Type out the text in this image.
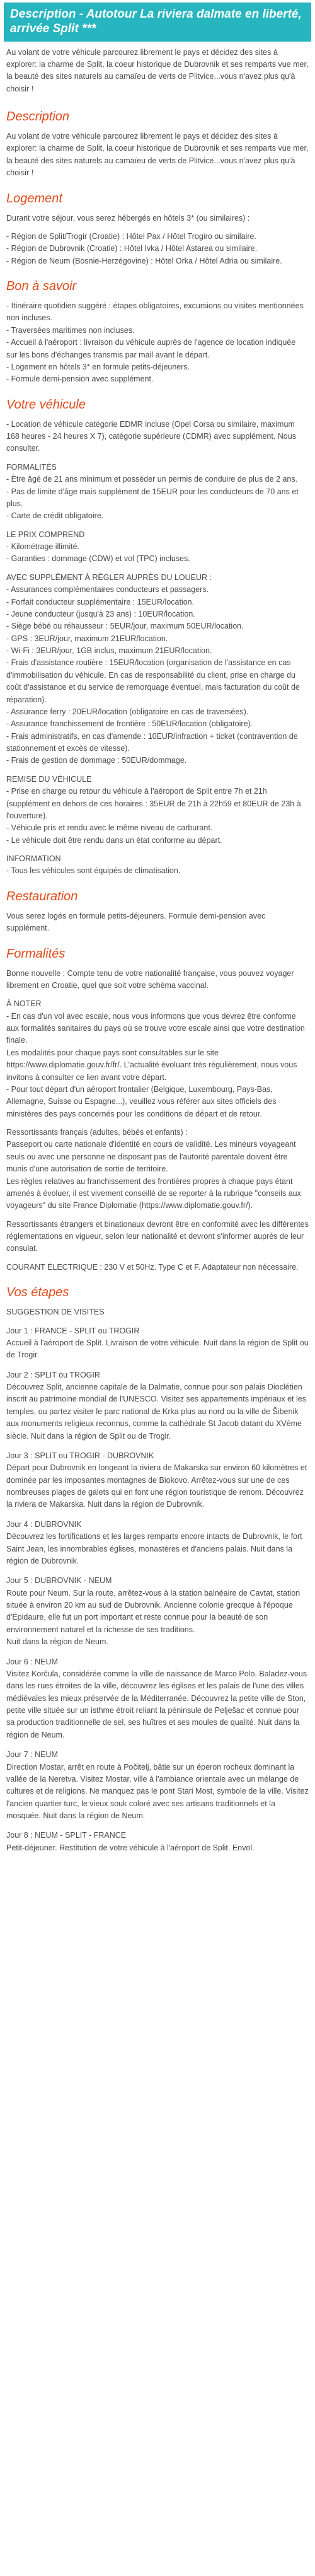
Description - Autotour La riviera dalmate en liberté, arrivée Split ***

Au volant de votre véhicule parcourez librement le pays et décidez des sites à explorer: la charme de Split, la coeur historique de Dubrovnik et ses remparts vue mer, la beauté des sites naturels au camaïeu de verts de Plitvice...vous n'avez plus qu'à choisir !

Description

Au volant de votre véhicule parcourez librement le pays et décidez des sites à explorer: la charme de Split, la coeur historique de Dubrovnik et ses remparts vue mer, la beauté des sites naturels au camaïeu de verts de Plitvice...vous n'avez plus qu'à choisir !

Logement

Durant votre séjour, vous serez hébergés en hôtels 3* (ou similaires) :

- Région de Split/Trogir (Croatie) : Hôtel Pax / Hôtel Trogiro ou similaire.
- Région de Dubrovnik (Croatie) : Hôtel Ivka / Hôtel Astarea ou similaire.
- Région de Neum (Bosnie-Herzégovine) : Hôtel Orka / Hôtel Adria ou similaire.

Bon à savoir

- Itinéraire quotidien suggéré : étapes obligatoires, excursions ou visites mentionnées non incluses.
- Traversées maritimes non incluses.
- Accueil à l'aéroport : livraison du véhicule auprès de l'agence de location indiquée sur les bons d'échanges transmis par mail avant le départ.
- Logement en hôtels 3* en formule petits-déjeuners.
- Formule demi-pension avec supplément.

Votre véhicule

- Location de véhicule catégorie EDMR incluse (Opel Corsa ou similaire, maximum 168 heures - 24 heures X 7), catégorie supérieure (CDMR) avec supplément. Nous consulter.

FORMALITÉS
- Être âgé de 21 ans minimum et posséder un permis de conduire de plus de 2 ans.
- Pas de limite d'âge mais supplément de 15EUR pour les conducteurs de 70 ans et plus.
- Carte de crédit obligatoire.

LE PRIX COMPREND
- Kilométrage illimité.
- Garanties : dommage (CDW) et vol (TPC) incluses.

AVEC SUPPLÉMENT À RÉGLER AUPRÈS DU LOUEUR :
- Assurances complémentaires conducteurs et passagers.
- Forfait conducteur supplémentaire : 15EUR/location.
- Jeune conducteur (jusqu'à 23 ans) : 10EUR/location.
- Siège bébé ou réhausseur : 5EUR/jour, maximum 50EUR/location.
- GPS : 3EUR/jour, maximum 21EUR/location.
- Wi-Fi : 3EUR/jour, 1GB inclus, maximum 21EUR/location.
- Frais d'assistance routière : 15EUR/location (organisation de l'assistance en cas d'immobilisation du véhicule. En cas de responsabilité du client, prise en charge du coût d'assistance et du service de remorquage éventuel, mais facturation du coût de réparation).
- Assurance ferry : 20EUR/location (obligatoire en cas de traversées).
- Assurance franchissement de frontière : 50EUR/location (obligatoire).
- Frais administratifs, en cas d'amende : 10EUR/infraction + ticket (contravention de stationnement et excès de vitesse).
- Frais de gestion de dommage : 50EUR/dommage.

REMISE DU VÉHICULE
- Prise en charge ou retour du véhicule à l'aéroport de Split entre 7h et 21h (supplément en dehors de ces horaires : 35EUR de 21h à 22h59 et 80EUR de 23h à l'ouverture).
- Véhicule pris et rendu avec le même niveau de carburant.
- Le véhicule doit être rendu dans un état conforme au départ.

INFORMATION
- Tous les véhicules sont équipés de climatisation.

Restauration

Vous serez logés en formule petits-déjeuners. Formule demi-pension avec supplément.

Formalités

Bonne nouvelle : Compte tenu de votre nationalité française, vous pouvez voyager librement en Croatie, quel que soit votre schéma vaccinal.

À NOTER
- En cas d'un vol avec escale, nous vous informons que vous devrez être conforme aux formalités sanitaires du pays où se trouve votre escale ainsi que votre destination finale.
Les modalités pour chaque pays sont consultables sur le site https://www.diplomatie.gouv.fr/fr/. L'actualité évoluant très régulièrement, nous vous invitons à consulter ce lien avant votre départ.
- Pour tout départ d'un aéroport frontalier (Belgique, Luxembourg, Pays-Bas, Allemagne, Suisse ou Espagne...), veuillez vous référer aux sites officiels des ministères des pays concernés pour les conditions de départ et de retour.

Ressortissants français (adultes, bébés et enfants) :
Passeport ou carte nationale d'identité en cours de validité. Les mineurs voyageant seuls ou avec une personne ne disposant pas de l'autorité parentale doivent être munis d'une autorisation de sortie de territoire.
Les règles relatives au franchissement des frontières propres à chaque pays étant amenés à évoluer, il est vivement conseillé de se reporter à la rubrique "conseils aux voyageurs" du site France Diplomatie (https://www.diplomatie.gouv.fr/).

Ressortissants étrangers et binationaux devront être en conformité avec les différentes réglementations en vigueur, selon leur nationalité et devront s'informer auprès de leur consulat.

COURANT ÉLECTRIQUE : 230 V et 50Hz. Type C et F. Adaptateur non nécessaire.

Vos étapes

SUGGESTION DE VISITES

Jour 1 : FRANCE - SPLIT ou TROGIR
Accueil à l'aéroport de Split. Livraison de votre véhicule. Nuit dans la région de Split ou de Trogir.

Jour 2 : SPLIT ou TROGIR
Découvrez Split, ancienne capitale de la Dalmatie, connue pour son palais Dioclétien inscrit au patrimoine mondial de l'UNESCO. Visitez ses appartements impériaux et les temples, ou partez visiter le parc national de Krka plus au nord ou la ville de Šibenik aux monuments religieux reconnus, comme la cathédrale St Jacob datant du XVème siècle. Nuit dans la région de Split ou de Trogir.

Jour 3 : SPLIT ou TROGIR - DUBROVNIK
Départ pour Dubrovnik en longeant la riviera de Makarska sur environ 60 kilomètres et dominée par les imposantes montagnes de Biokovo. Arrêtez-vous sur une de ces nombreuses plages de galets qui en font une région touristique de renom. Découvrez la riviera de Makarska. Nuit dans la région de Dubrovnik.

Jour 4 : DUBROVNIK
Découvrez les fortifications et les larges remparts encore intacts de Dubrovnik, le fort Saint Jean, les innombrables églises, monastères et d'anciens palais. Nuit dans la région de Dubrovnik.

Jour 5 : DUBROVNIK - NEUM
Route pour Neum. Sur la route, arrêtez-vous à la station balnéaire de Cavtat, station située à environ 20 km au sud de Dubrovnik. Ancienne colonie grecque à l'époque d'Épidaure, elle fut un port important et reste connue pour la beauté de son environnement naturel et la richesse de ses traditions.
Nuit dans la région de Neum.

Jour 6 : NEUM
Visitez Korčula, considérée comme la ville de naissance de Marco Polo. Baladez-vous dans les rues étroites de la ville, découvrez les églises et les palais de l'une des villes médiévales les mieux préservée de la Méditerranée. Découvrez la petite ville de Ston, petite ville située sur un isthme étroit reliant la péninsule de Pelješac et connue pour sa production traditionnelle de sel, ses huîtres et ses moules de qualité. Nuit dans la région de Neum.

Jour 7 : NEUM
Direction Mostar, arrêt en route à Počitelj, bâtie sur un éperon rocheux dominant la vallée de la Neretva. Visitez Mostar, ville à l'ambiance orientale avec un mélange de cultures et de religions. Ne manquez pas le pont Stari Most, symbole de la ville. Visitez l'ancien quartier turc, le vieux souk coloré avec ses artisans traditionnels et la mosquée. Nuit dans la région de Neum.

Jour 8 : NEUM - SPLIT - FRANCE
Petit-déjeuner. Restitution de votre véhicule à l'aéroport de Split. Envol.
